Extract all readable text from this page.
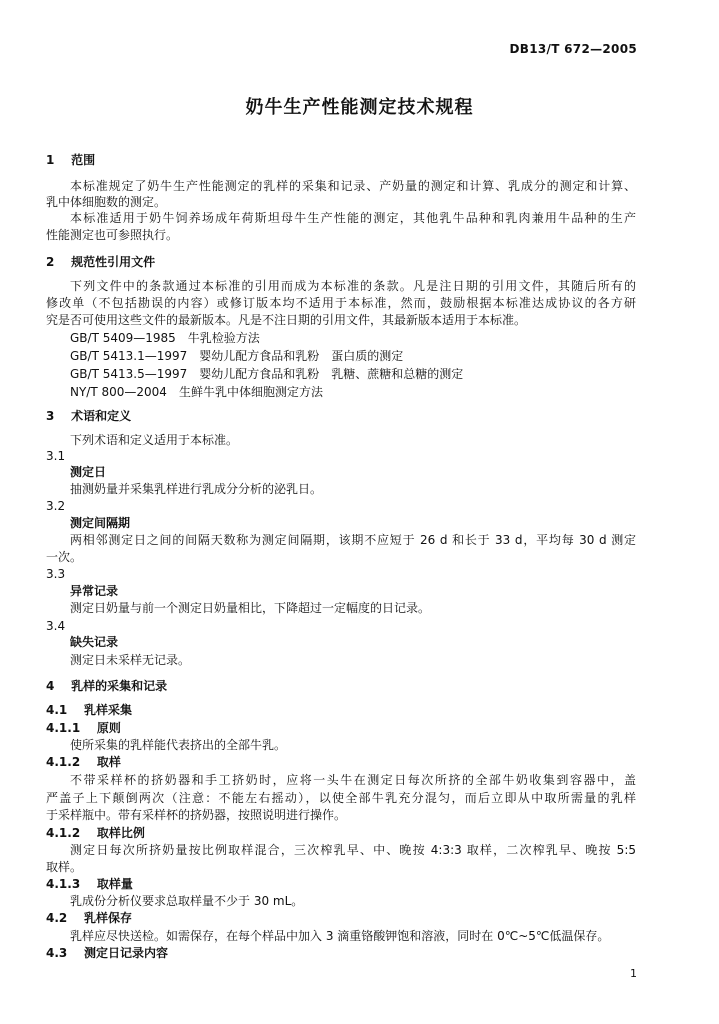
DB13/T 672—2005
奶牛生产性能测定技术规程
1 范围
本标准规定了奶牛生产性能测定的乳样的采集和记录、产奶量的测定和计算、乳成分的测定和计算、
乳中体细胞数的测定。
本标准适用于奶牛饲养场成年荷斯坦母牛生产性能的测定，其他乳牛品种和乳肉兼用牛品种的生产
性能测定也可参照执行。
2 规范性引用文件
下列文件中的条款通过本标准的引用而成为本标准的条款。凡是注日期的引用文件，其随后所有的
修改单（不包括勘误的内容）或修订版本均不适用于本标准，然而，鼓励根据本标准达成协议的各方研
究是否可使用这些文件的最新版本。凡是不注日期的引用文件，其最新版本适用于本标准。
GB/T 5409—1985　牛乳检验方法
GB/T 5413.1—1997　婴幼儿配方食品和乳粉　蛋白质的测定
GB/T 5413.5—1997　婴幼儿配方食品和乳粉　乳糖、蔗糖和总糖的测定
NY/T 800—2004　生鲜牛乳中体细胞测定方法
3 术语和定义
下列术语和定义适用于本标准。
3.1
测定日
抽测奶量并采集乳样进行乳成分分析的泌乳日。
3.2
测定间隔期
两相邻测定日之间的间隔天数称为测定间隔期，该期不应短于 26 d 和长于 33 d，平均每 30 d 测定
一次。
3.3
异常记录
测定日奶量与前一个测定日奶量相比，下降超过一定幅度的日记录。
3.4
缺失记录
测定日未采样无记录。
4 乳样的采集和记录
4.1 乳样采集
4.1.1 原则
使所采集的乳样能代表挤出的全部牛乳。
4.1.2 取样
不带采样杯的挤奶器和手工挤奶时，应将一头牛在测定日每次所挤的全部牛奶收集到容器中，盖
严盖子上下颠倒两次（注意：不能左右摇动），以使全部牛乳充分混匀，而后立即从中取所需量的乳样
于采样瓶中。带有采样杯的挤奶器，按照说明进行操作。
4.1.2 取样比例
测定日每次所挤奶量按比例取样混合，三次榨乳早、中、晚按 4:3:3 取样，二次榨乳早、晚按 5:5
取样。
4.1.3 取样量
乳成份分析仪要求总取样量不少于 30 mL。
4.2 乳样保存
乳样应尽快送检。如需保存，在每个样品中加入 3 滴重铬酸钾饱和溶液，同时在 0℃~5℃低温保存。
4.3 测定日记录内容
1
